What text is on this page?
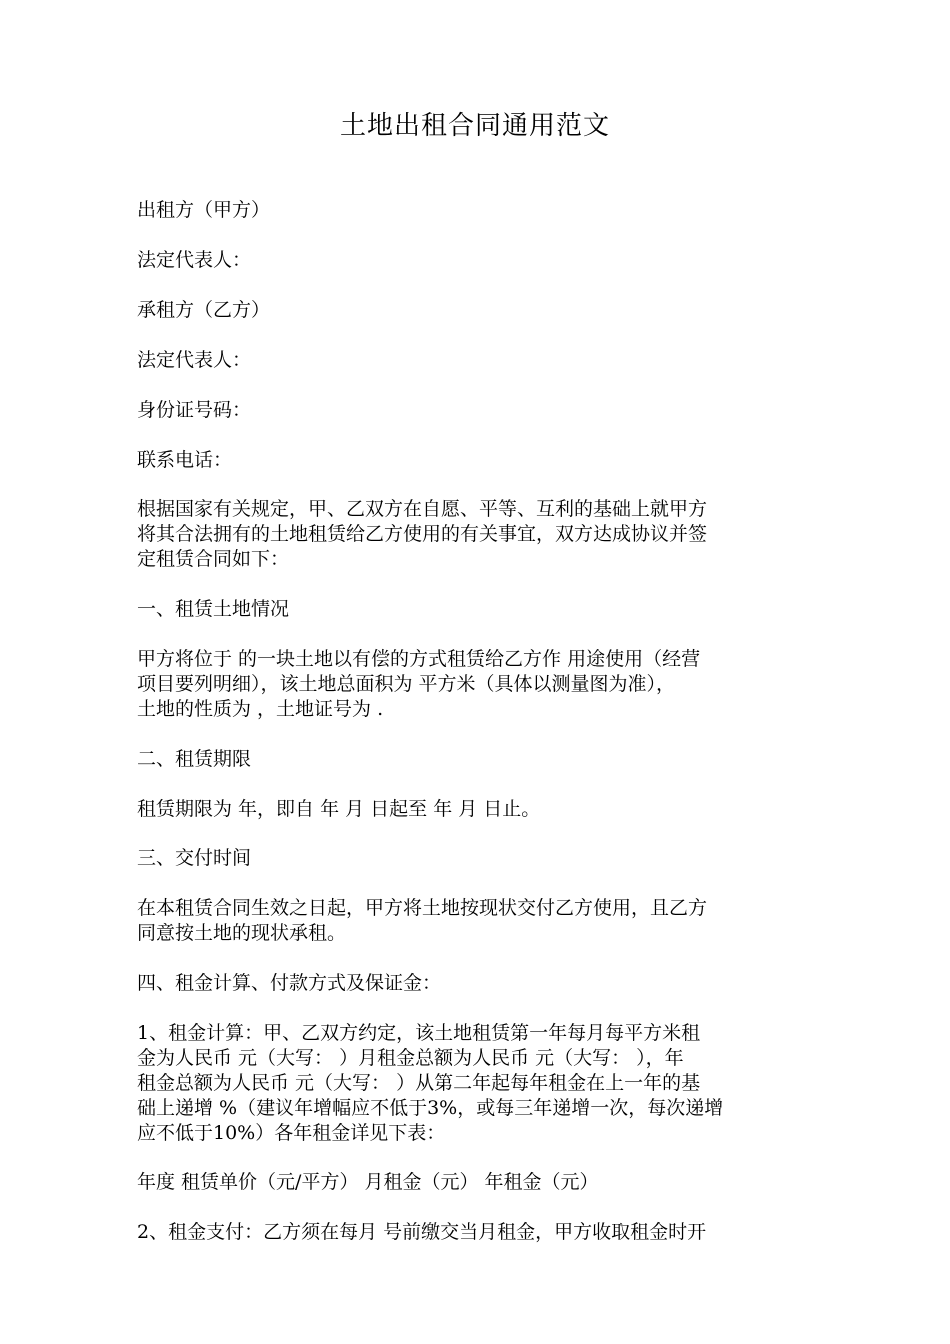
土地出租合同通用范文

出租方（甲方）

法定代表人：

承租方（乙方）

法定代表人：

身份证号码：

联系电话：

根据国家有关规定，甲、乙双方在自愿、平等、互利的基础上就甲方
将其合法拥有的土地租赁给乙方使用的有关事宜，双方达成协议并签
定租赁合同如下：

一、租赁土地情况

甲方将位于 的一块土地以有偿的方式租赁给乙方作 用途使用（经营
项目要列明细），该土地总面积为 平方米（具体以测量图为准），
土地的性质为 ，土地证号为 .

二、租赁期限

租赁期限为 年，即自 年 月 日起至 年 月 日止。

三、交付时间

在本租赁合同生效之日起，甲方将土地按现状交付乙方使用，且乙方
同意按土地的现状承租。

四、租金计算、付款方式及保证金：

1、租金计算：甲、乙双方约定，该土地租赁第一年每月每平方米租
金为人民币 元（大写： ）月租金总额为人民币 元（大写： ），年
租金总额为人民币 元（大写： ）从第二年起每年租金在上一年的基
础上递增 %（建议年增幅应不低于3%，或每三年递增一次，每次递增
应不低于10%）各年租金详见下表：

年度 租赁单价（元/平方） 月租金（元） 年租金（元）

2、租金支付：乙方须在每月 号前缴交当月租金，甲方收取租金时开
